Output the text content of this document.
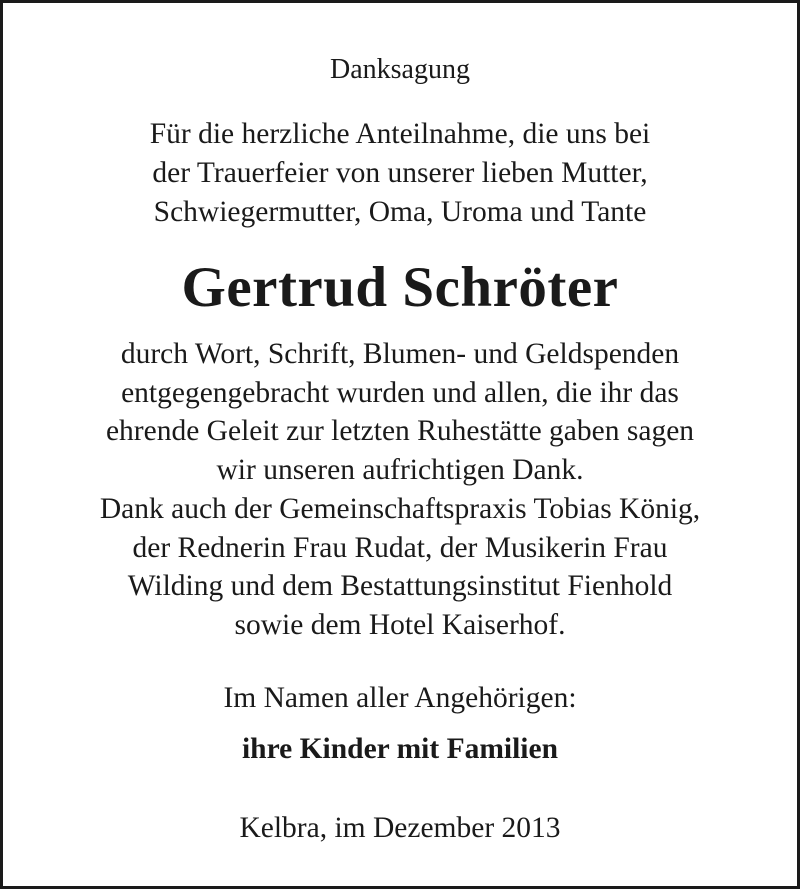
Danksagung
Für die herzliche Anteilnahme, die uns bei
der Trauerfeier von unserer lieben Mutter,
Schwiegermutter, Oma, Uroma und Tante
Gertrud Schröter
durch Wort, Schrift, Blumen- und Geldspenden
entgegengebracht wurden und allen, die ihr das
ehrende Geleit zur letzten Ruhestätte gaben sagen
wir unseren aufrichtigen Dank.
Dank auch der Gemeinschaftspraxis Tobias König,
der Rednerin Frau Rudat, der Musikerin Frau
Wilding und dem Bestattungsinstitut Fienhold
sowie dem Hotel Kaiserhof.
Im Namen aller Angehörigen:
ihre Kinder mit Familien
Kelbra, im Dezember 2013
